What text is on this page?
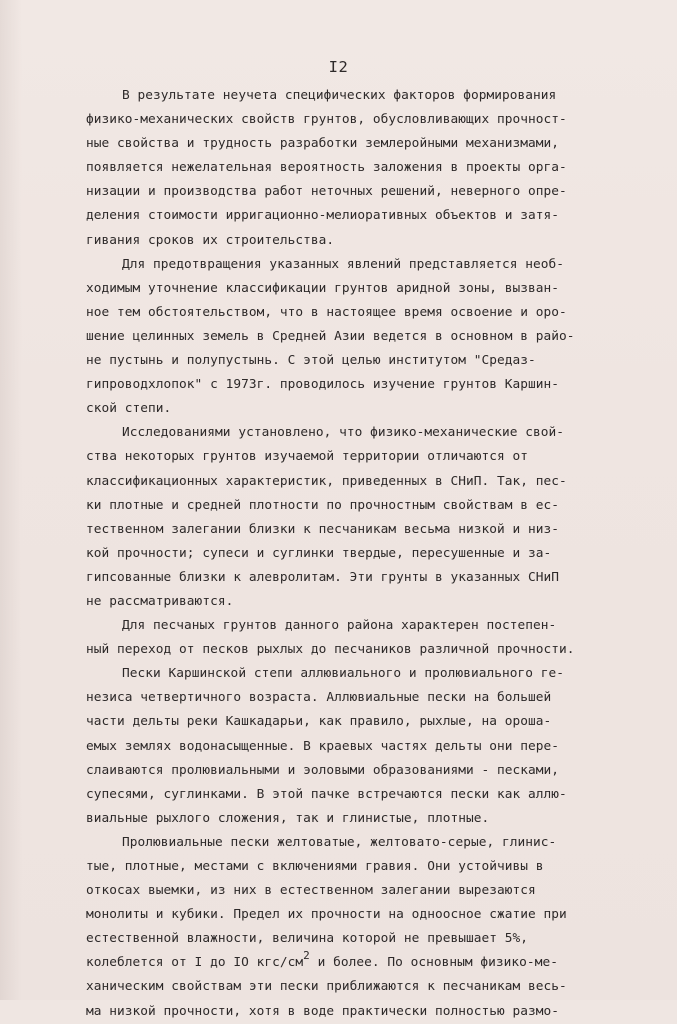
I2
В результате неучета специфических факторов формирования
физико-механических свойств грунтов, обусловливающих прочност-
ные свойства и трудность разработки землеройными механизмами,
появляется нежелательная вероятность заложения в проекты орга-
низации и производства работ неточных решений, неверного опре-
деления стоимости ирригационно-мелиоративных объектов и затя-
гивания сроков их строительства.
Для предотвращения указанных явлений представляется необ-
ходимым уточнение классификации грунтов аридной зоны, вызван-
ное тем обстоятельством, что в настоящее время освоение и оро-
шение целинных земель в Средней Азии ведется в основном в райо-
не пустынь и полупустынь. С этой целью институтом "Средаз-
гипроводхлопок" с 1973г. проводилось изучение грунтов Каршин-
ской степи.
Исследованиями установлено, что физико-механические свой-
ства некоторых грунтов изучаемой территории отличаются от
классификационных характеристик, приведенных в СНиП. Так, пес-
ки плотные и средней плотности по прочностным свойствам в ес-
тественном залегании близки к песчаникам весьма низкой и низ-
кой прочности; супеси и суглинки твердые, пересушенные и за-
гипсованные близки к алевролитам. Эти грунты в указанных СНиП
не рассматриваются.
Для песчаных грунтов данного района характерен постепен-
ный переход от песков рыхлых до песчаников различной прочности.
Пески Каршинской степи аллювиального и пролювиального ге-
незиса четвертичного возраста. Аллювиальные пески на большей
части дельты реки Кашкадарьи, как правило, рыхлые, на ороша-
емых землях водонасыщенные. В краевых частях дельты они пере-
слаиваются пролювиальными и эоловыми образованиями - песками,
супесями, суглинками. В этой пачке встречаются пески как аллю-
виальные рыхлого сложения, так и глинистые, плотные.
Пролювиальные пески желтоватые, желтовато-серые, глинис-
тые, плотные, местами с включениями гравия. Они устойчивы в
откосах выемки, из них в естественном залегании вырезаются
монолиты и кубики. Предел их прочности на одноосное сжатие при
естественной влажности, величина которой не превышает 5%,
колеблется от I до IO кгс/см2 и более. По основным физико-ме-
ханическим свойствам эти пески приближаются к песчаникам весь-
ма низкой прочности, хотя в воде практически полностью размо-
